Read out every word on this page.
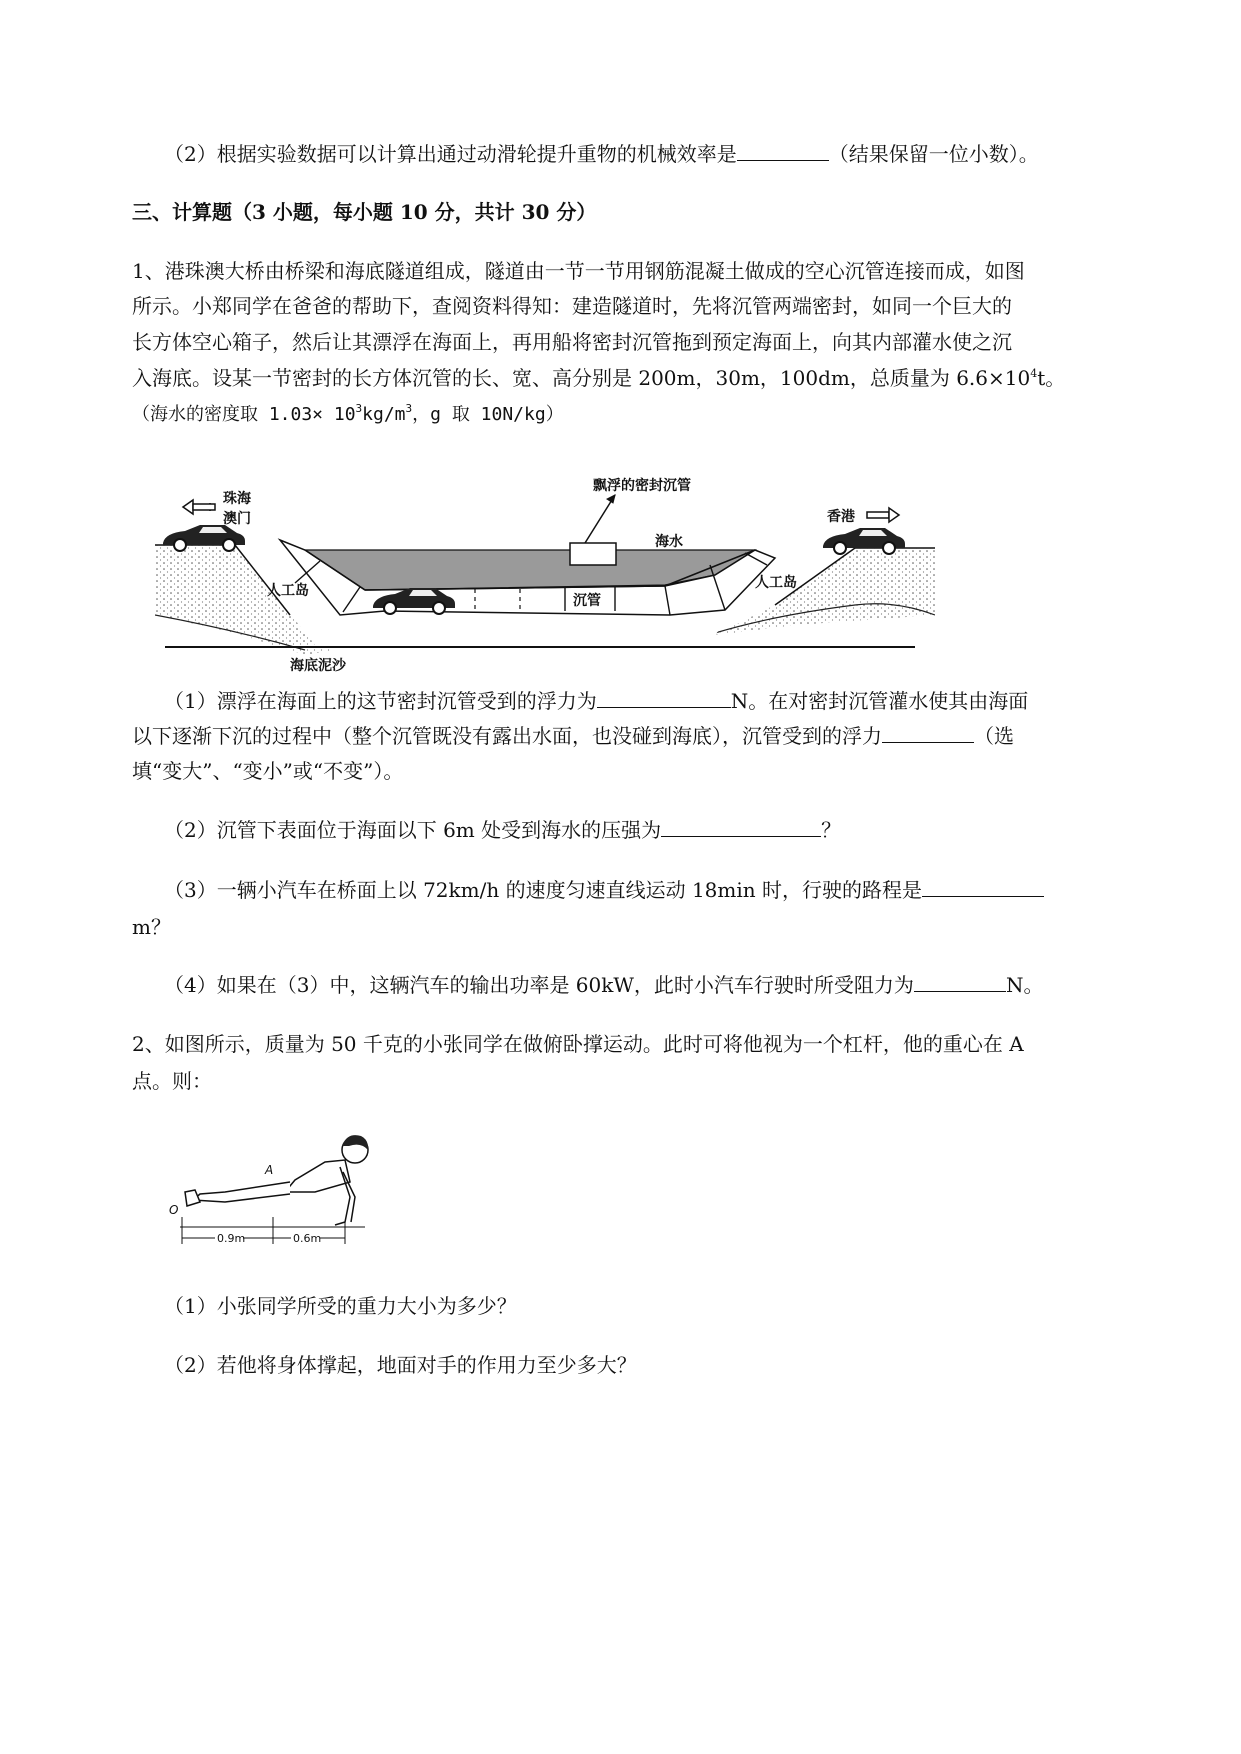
（2）根据实验数据可以计算出通过动滑轮提升重物的机械效率是	（结果保留一位小数）。
三、计算题（3 小题，每小题 10 分，共计 30 分）
1、港珠澳大桥由桥梁和海底隧道组成，隧道由一节一节用钢筋混凝土做成的空心沉管连接而成，如图
所示。小郑同学在爸爸的帮助下，查阅资料得知：建造隧道时，先将沉管两端密封，如同一个巨大的
长方体空心箱子，然后让其漂浮在海面上，再用船将密封沉管拖到预定海面上，向其内部灌水使之沉
入海底。设某一节密封的长方体沉管的长、宽、高分别是 200m，30m，100dm，总质量为 $6.6\times 10^4t$。
（海水的密度取 $1.03\times 10^3kg/m^3$，g 取 10N/kg）
珠海
澳门
飘浮的密封沉管
香港
海水
人工岛	人工岛
沉管
海底泥沙
（1）漂浮在海面上的这节密封沉管受到的浮力为	N。在对密封沉管灌水使其由海面
以下逐渐下沉的过程中（整个沉管既没有露出水面，也没碰到海底），沉管受到的浮力	（选
填“变大”、“变小”或“不变”）。
（2）沉管下表面位于海面以下 6m 处受到海水的压强为	？
（3）一辆小汽车在桥面上以 72km/h 的速度匀速直线运动 18min 时，行驶的路程是
m？
（4）如果在（3）中，这辆汽车的输出功率是 60kW，此时小汽车行驶时所受阻力为	N。
2、如图所示，质量为 50 千克的小张同学在做俯卧撑运动。此时可将他视为一个杠杆，他的重心在 A
点。则：
A
O
0.9m	0.6m
（1）小张同学所受的重力大小为多少？
（2）若他将身体撑起，地面对手的作用力至少多大？
